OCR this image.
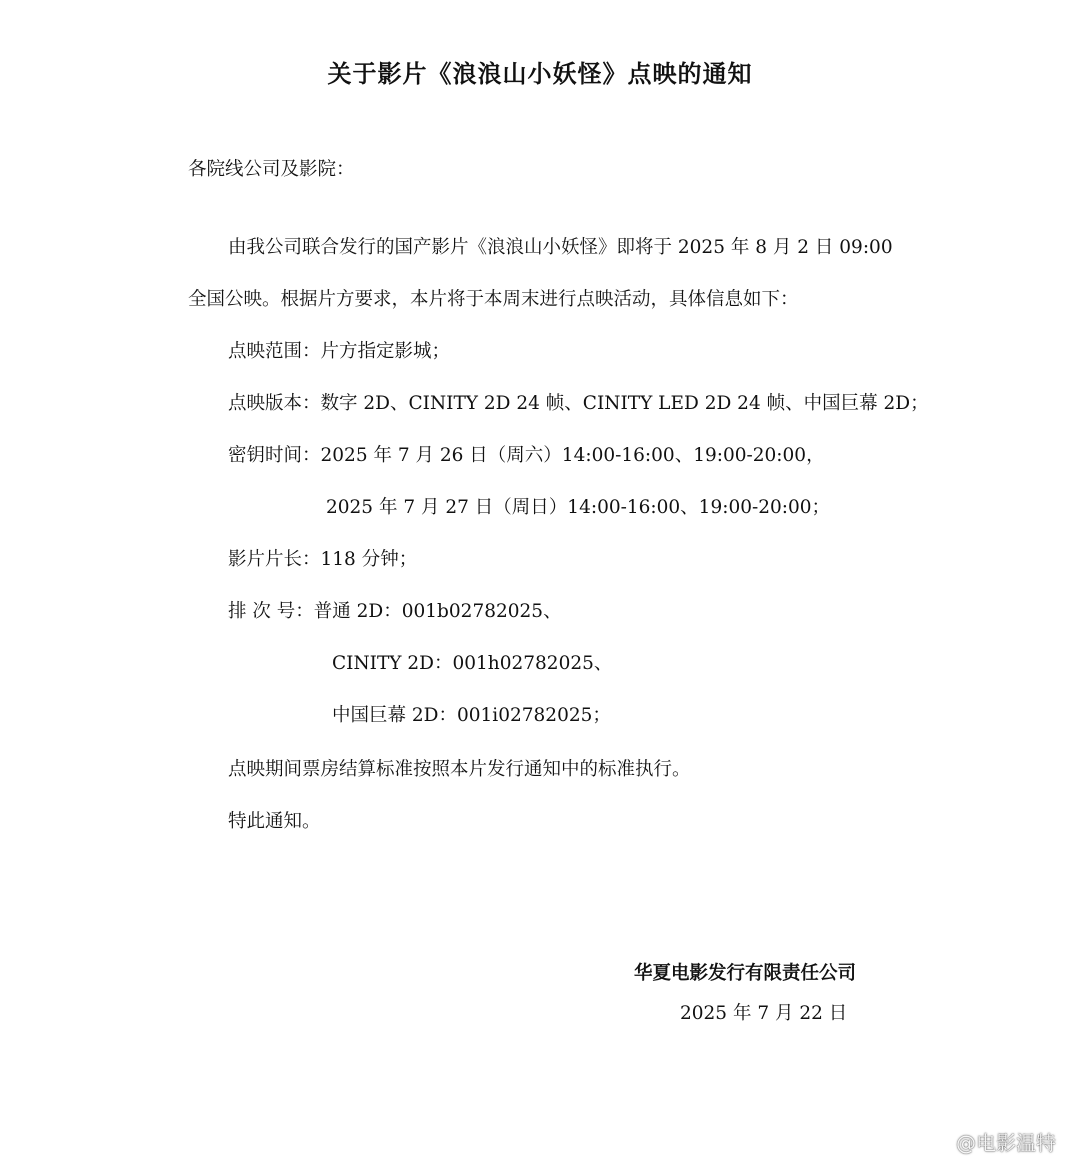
关于影片《浪浪山小妖怪》点映的通知
各院线公司及影院：
由我公司联合发行的国产影片《浪浪山小妖怪》即将于 2025 年 8 月 2 日 09:00
全国公映。根据片方要求，本片将于本周末进行点映活动，具体信息如下：
点映范围：片方指定影城；
点映版本：数字 2D、CINITY 2D 24 帧、CINITY LED 2D 24 帧、中国巨幕 2D；
密钥时间：2025 年 7 月 26 日（周六）14:00-16:00、19:00-20:00，
2025 年 7 月 27 日（周日）14:00-16:00、19:00-20:00；
影片片长：118 分钟；
排 次 号：普通 2D：001b02782025、
CINITY 2D：001h02782025、
中国巨幕 2D：001i02782025；
点映期间票房结算标准按照本片发行通知中的标准执行。
特此通知。
华夏电影发行有限责任公司
2025 年 7 月 22 日
@电影温特
